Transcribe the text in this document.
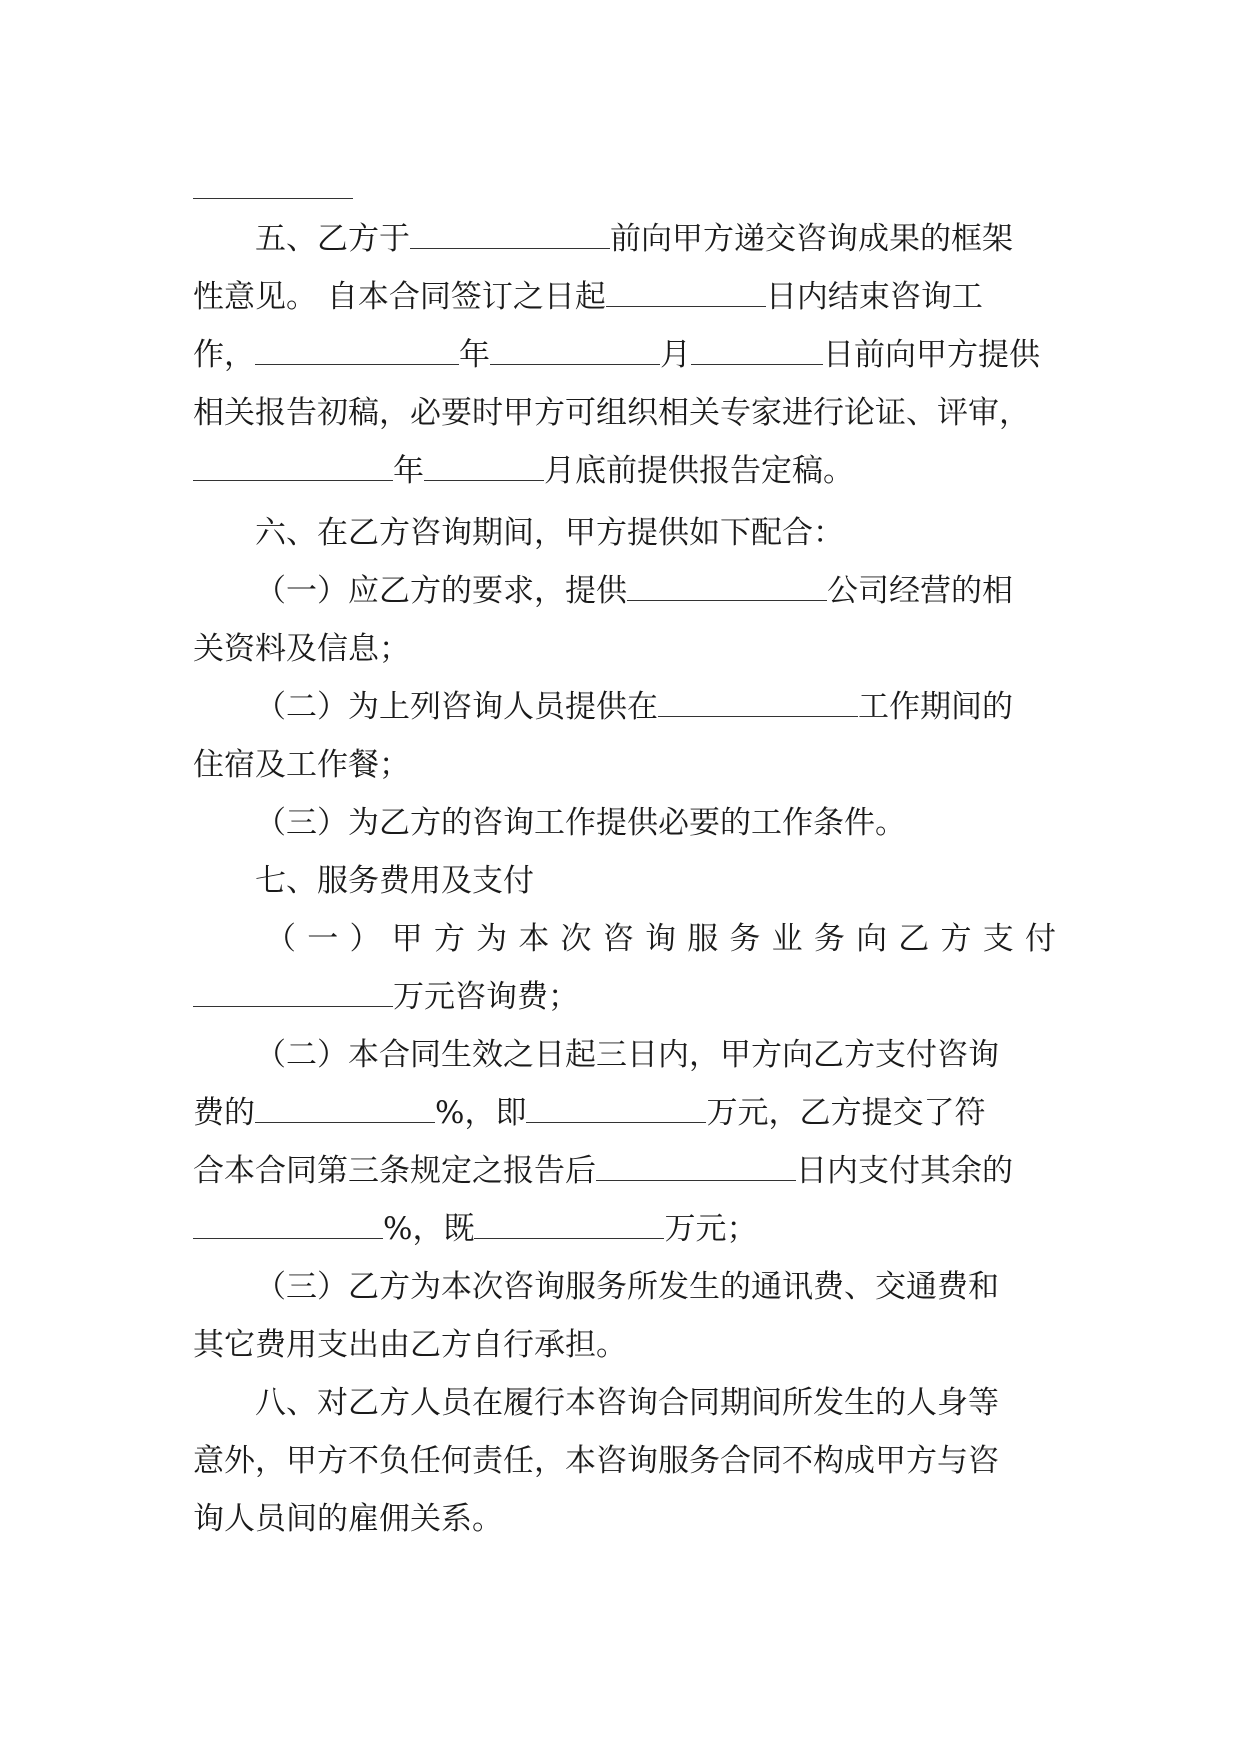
五、乙方于	前向甲方递交咨询成果的框架
性意见。 自本合同签订之日起	日内结束咨询工
作，	年	月	日前向甲方提供
相关报告初稿，必要时甲方可组织相关专家进行论证、评审，
年	月底前提供报告定稿。
六、在乙方咨询期间，甲方提供如下配合：
（一）应乙方的要求，提供	公司经营的相
关资料及信息；
（二）为上列咨询人员提供在	工作期间的
住宿及工作餐；
（三）为乙方的咨询工作提供必要的工作条件。
七、服务费用及支付
（ 一 ） 甲 方 为 本 次 咨 询 服 务 业 务 向 乙 方 支 付
万元咨询费；
（二）本合同生效之日起三日内，甲方向乙方支付咨询
费的	%，即	万元，乙方提交了符
合本合同第三条规定之报告后	日内支付其余的
%，既	万元；
（三）乙方为本次咨询服务所发生的通讯费、交通费和
其它费用支出由乙方自行承担。
八、对乙方人员在履行本咨询合同期间所发生的人身等
意外，甲方不负任何责任，本咨询服务合同不构成甲方与咨
询人员间的雇佣关系。
